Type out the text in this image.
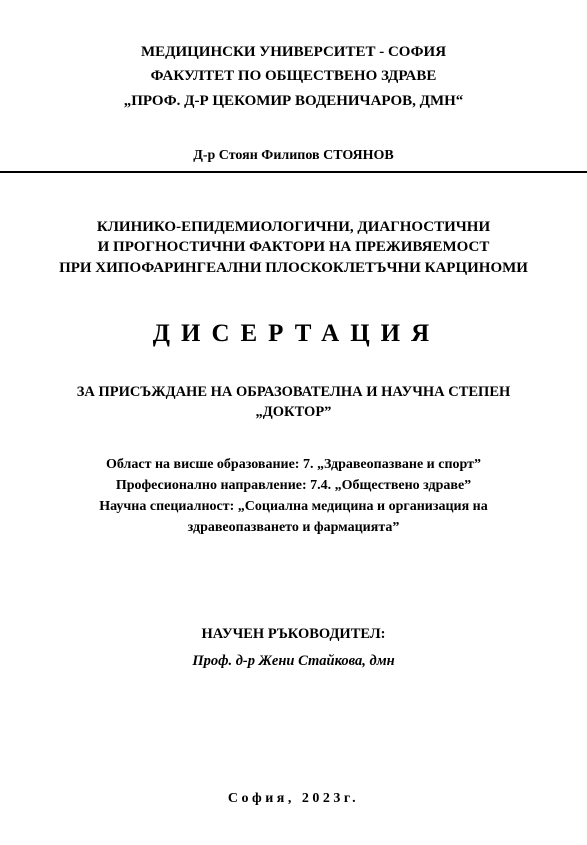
МЕДИЦИНСКИ УНИВЕРСИТЕТ - СОФИЯ
ФАКУЛТЕТ ПО ОБЩЕСТВЕНО ЗДРАВЕ
„ПРОФ. Д-Р ЦЕКОМИР ВОДЕНИЧАРОВ, ДМН“
Д-р Стоян Филипов СТОЯНОВ
КЛИНИКО-ЕПИДЕМИОЛОГИЧНИ, ДИАГНОСТИЧНИ
И ПРОГНОСТИЧНИ ФАКТОРИ НА ПРЕЖИВЯЕМОСТ
ПРИ ХИПОФАРИНГЕАЛНИ ПЛОСКОКЛЕТЪЧНИ КАРЦИНОМИ
ДИСЕРТАЦИЯ
ЗА ПРИСЪЖДАНЕ НА ОБРАЗОВАТЕЛНА И НАУЧНА СТЕПЕН
„ДОКТОР”
Област на висше образование: 7. „Здравеопазване и спорт”
Професионално направление: 7.4. „Обществено здраве”
Научна специалност: „Социална медицина и организация на
здравеопазването и фармацията”
НАУЧЕН РЪКОВОДИТЕЛ:
Проф. д-р Жени Стайкова, дмн
София, 2023г.
